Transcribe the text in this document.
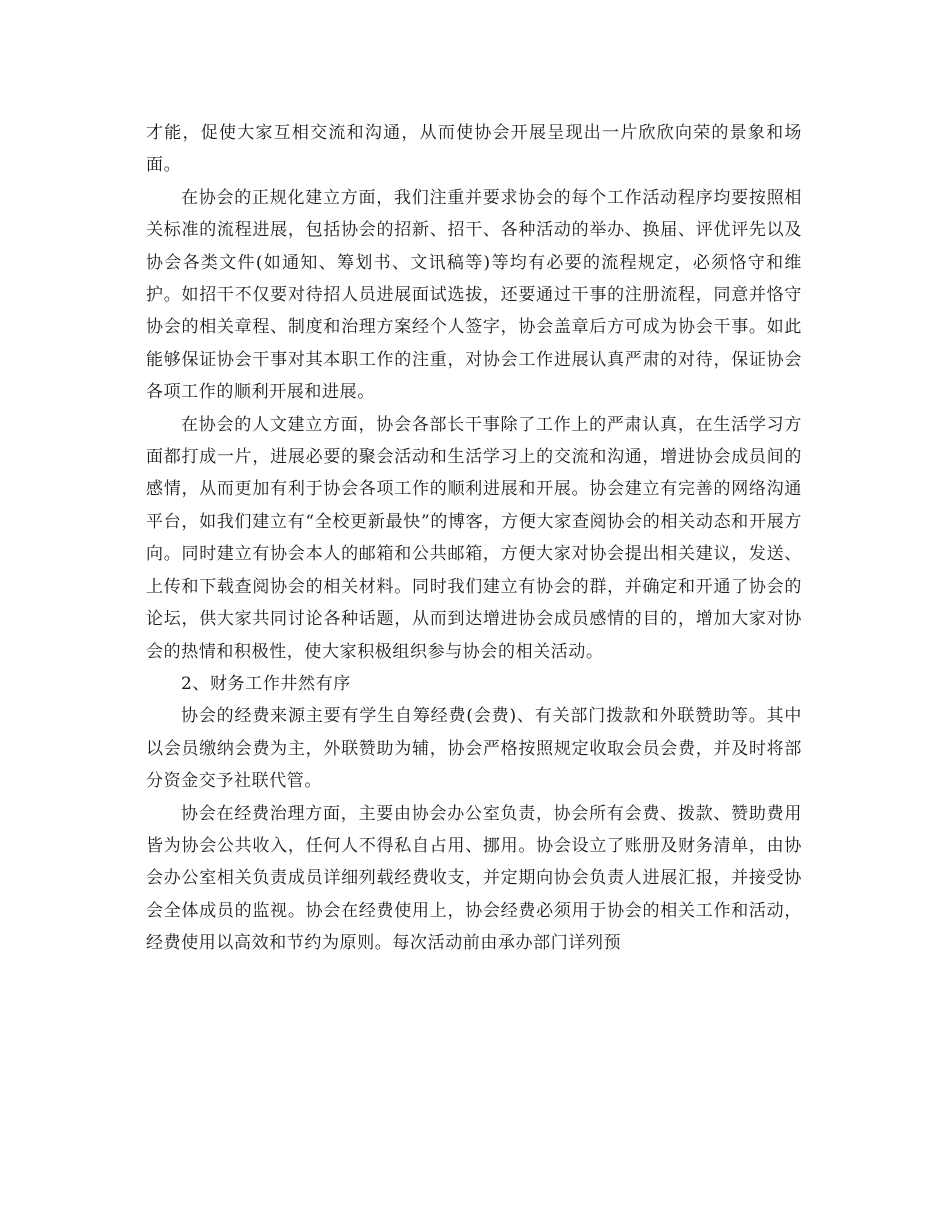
才能，促使大家互相交流和沟通，从而使协会开展呈现出一片欣欣向荣的景象和场面。

在协会的正规化建立方面，我们注重并要求协会的每个工作活动程序均要按照相关标准的流程进展，包括协会的招新、招干、各种活动的举办、换届、评优评先以及协会各类文件(如通知、筹划书、文讯稿等)等均有必要的流程规定，必须恪守和维护。如招干不仅要对待招人员进展面试选拔，还要通过干事的注册流程，同意并恪守协会的相关章程、制度和治理方案经个人签字，协会盖章后方可成为协会干事。如此能够保证协会干事对其本职工作的注重，对协会工作进展认真严肃的对待，保证协会各项工作的顺利开展和进展。

在协会的人文建立方面，协会各部长干事除了工作上的严肃认真，在生活学习方面都打成一片，进展必要的聚会活动和生活学习上的交流和沟通，增进协会成员间的感情，从而更加有利于协会各项工作的顺利进展和开展。协会建立有完善的网络沟通平台，如我们建立有“全校更新最快”的博客，方便大家查阅协会的相关动态和开展方向。同时建立有协会本人的邮箱和公共邮箱，方便大家对协会提出相关建议，发送、上传和下载查阅协会的相关材料。同时我们建立有协会的群，并确定和开通了协会的论坛，供大家共同讨论各种话题，从而到达增进协会成员感情的目的，增加大家对协会的热情和积极性，使大家积极组织参与协会的相关活动。

2、财务工作井然有序

协会的经费来源主要有学生自筹经费(会费)、有关部门拨款和外联赞助等。其中以会员缴纳会费为主，外联赞助为辅，协会严格按照规定收取会员会费，并及时将部分资金交予社联代管。

协会在经费治理方面，主要由协会办公室负责，协会所有会费、拨款、赞助费用皆为协会公共收入，任何人不得私自占用、挪用。协会设立了账册及财务清单，由协会办公室相关负责成员详细列载经费收支，并定期向协会负责人进展汇报，并接受协会全体成员的监视。协会在经费使用上，协会经费必须用于协会的相关工作和活动，经费使用以高效和节约为原则。每次活动前由承办部门详列预
